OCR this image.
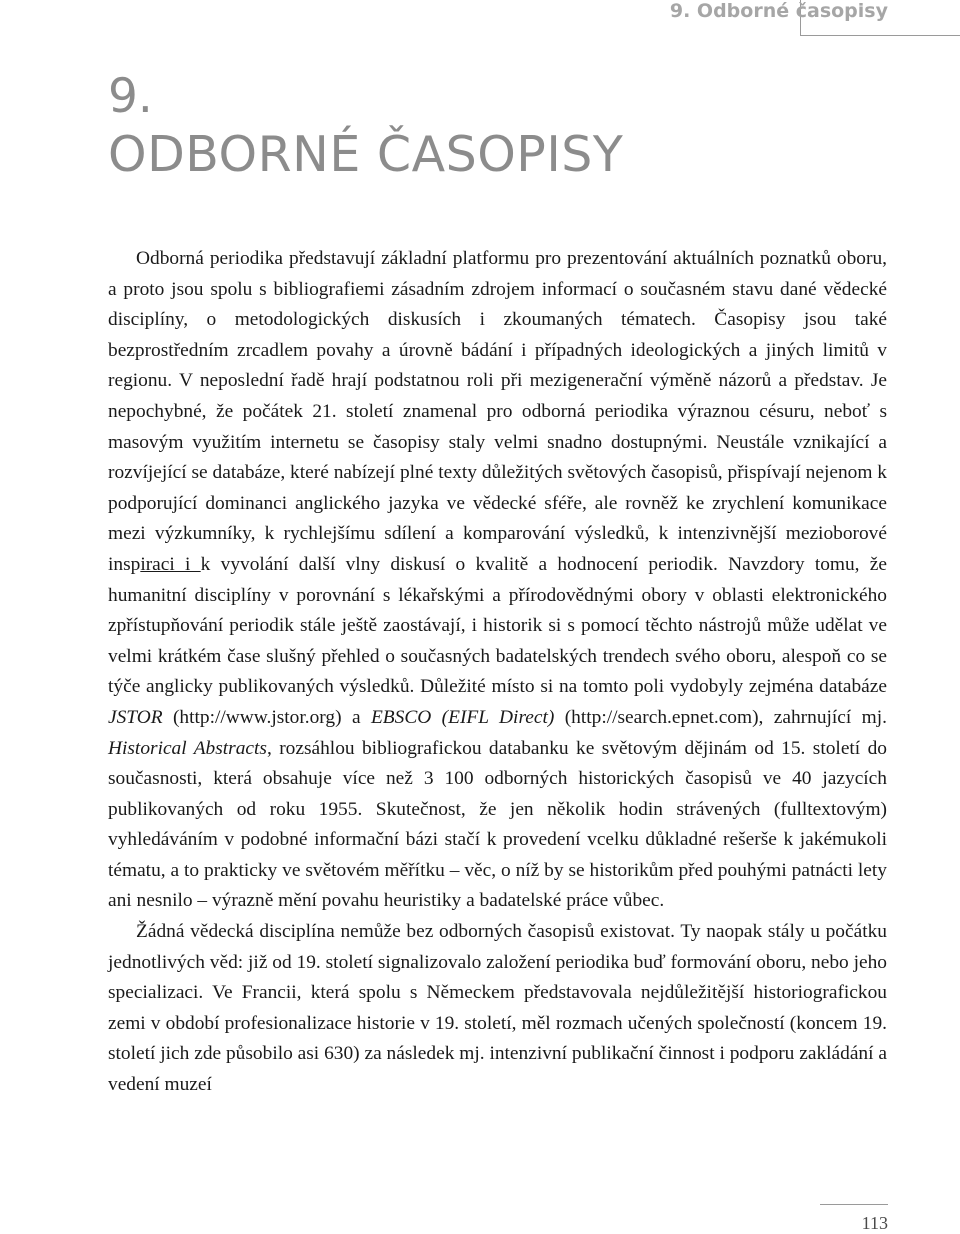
9. Odborné časopisy
9.
ODBORNÉ ČASOPISY

Odborná periodika představují základní platformu pro prezentování aktuálních poznatků oboru, a proto jsou spolu s bibliografiemi zásadním zdrojem informací o současném stavu dané vědecké disciplíny, o metodologických diskusích i zkoumaných tématech. Časopisy jsou také bezprostředním zrcadlem povahy a úrovně bádání i případných ideologických a jiných limitů v regionu. V neposlední řadě hrají podstatnou roli při mezigenerační výměně názorů a představ. Je nepochybné, že počátek 21. století znamenal pro odborná periodika výraznou césuru, neboť s masovým využitím internetu se časopisy staly velmi snadno dostupnými. Neustále vznikající a rozvíjející se databáze, které nabízejí plné texty důležitých světových časopisů, přispívají nejenom k podporující dominanci anglického jazyka ve vědecké sféře, ale rovněž ke zrychlení komunikace mezi výzkumníky, k rychlejšímu sdílení a komparování výsledků, k intenzivnější mezioborové inspiraci i k vyvolání další vlny diskusí o kvalitě a hodnocení periodik. Navzdory tomu, že humanitní disciplíny v porovnání s lékařskými a přírodovědnými obory v oblasti elektronického zpřístupňování periodik stále ještě zaostávají, i historik si s pomocí těchto nástrojů může udělat ve velmi krátkém čase slušný přehled o současných badatelských trendech svého oboru, alespoň co se týče anglicky publikovaných výsledků. Důležité místo si na tomto poli vydobyly zejména databáze JSTOR (http://www.jstor.org) a EBSCO (EIFL Direct) (http://search.epnet.com), zahrnující mj. Historical Abstracts, rozsáhlou bibliografickou databanku ke světovým dějinám od 15. století do současnosti, která obsahuje více než 3 100 odborných historických časopisů ve 40 jazycích publikovaných od roku 1955. Skutečnost, že jen několik hodin strávených (fulltextovým) vyhledáváním v podobné informační bázi stačí k provedení vcelku důkladné rešerše k jakémukoli tématu, a to prakticky ve světovém měřítku – věc, o níž by se historikům před pouhými patnácti lety ani nesnilo – výrazně mění povahu heuristiky a badatelské práce vůbec.

Žádná vědecká disciplína nemůže bez odborných časopisů existovat. Ty naopak stály u počátku jednotlivých věd: již od 19. století signalizovalo založení periodika buď formování oboru, nebo jeho specializaci. Ve Francii, která spolu s Německem představovala nejdůležitější historiografickou zemi v období profesionalizace historie v 19. století, měl rozmach učených společností (koncem 19. století jich zde působilo asi 630) za následek mj. intenzivní publikační činnost i podporu zakládání a vedení muzeí

113
